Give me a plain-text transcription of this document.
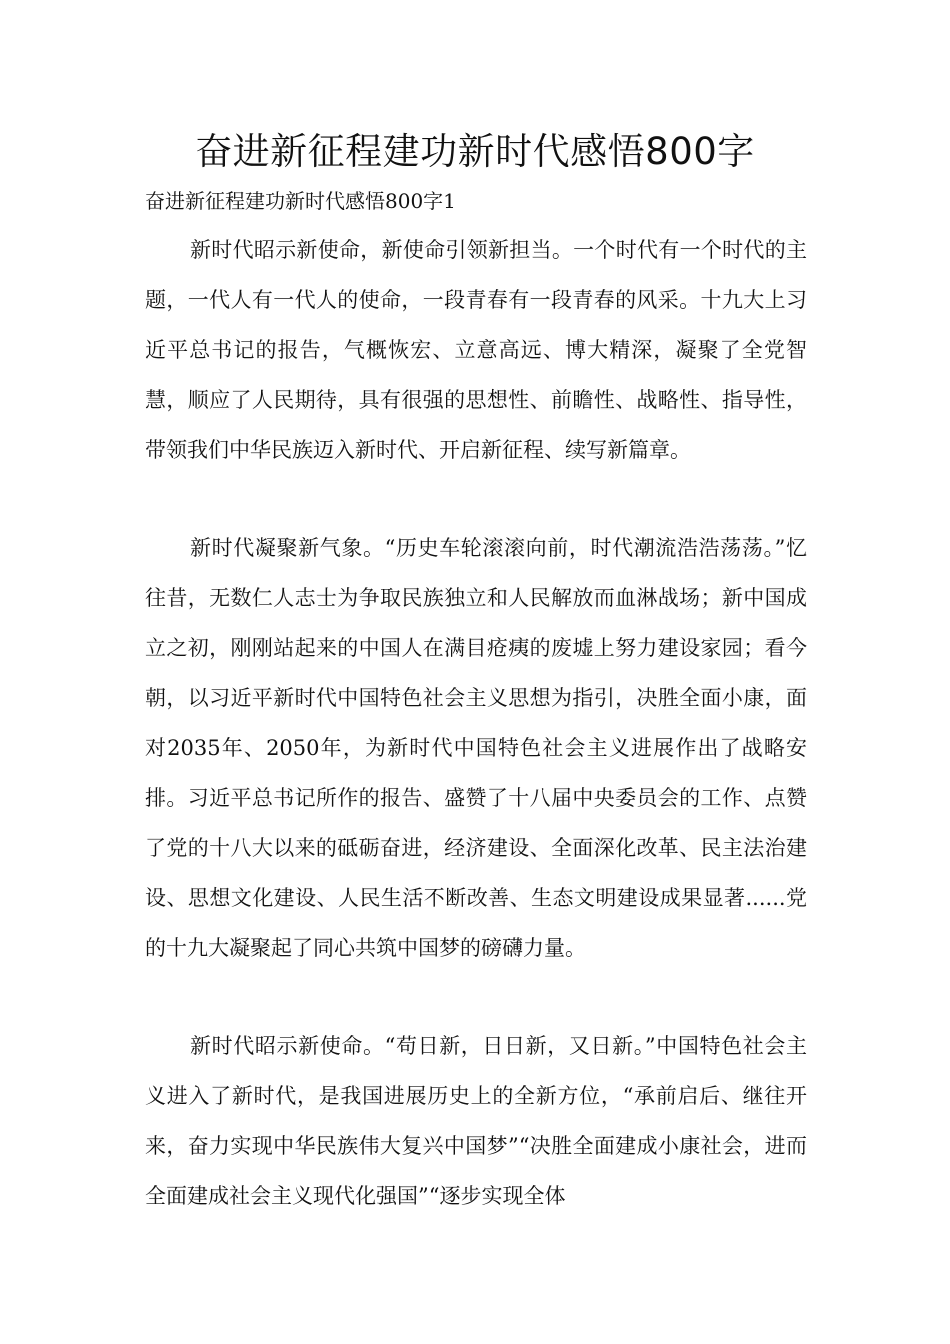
奋进新征程建功新时代感悟800字

奋进新征程建功新时代感悟800字1

新时代昭示新使命，新使命引领新担当。一个时代有一个时代的主题，一代人有一代人的使命，一段青春有一段青春的风采。十九大上习近平总书记的报告，气概恢宏、立意高远、博大精深，凝聚了全党智慧，顺应了人民期待，具有很强的思想性、前瞻性、战略性、指导性，带领我们中华民族迈入新时代、开启新征程、续写新篇章。

新时代凝聚新气象。“历史车轮滚滚向前，时代潮流浩浩荡荡。”忆往昔，无数仁人志士为争取民族独立和人民解放而血淋战场；新中国成立之初，刚刚站起来的中国人在满目疮痍的废墟上努力建设家园；看今朝，以习近平新时代中国特色社会主义思想为指引，决胜全面小康，面对2035年、2050年，为新时代中国特色社会主义进展作出了战略安排。习近平总书记所作的报告、盛赞了十八届中央委员会的工作、点赞了党的十八大以来的砥砺奋进，经济建设、全面深化改革、民主法治建设、思想文化建设、人民生活不断改善、生态文明建设成果显著......党的十九大凝聚起了同心共筑中国梦的磅礴力量。

新时代昭示新使命。“苟日新，日日新，又日新。”中国特色社会主义进入了新时代，是我国进展历史上的全新方位，“承前启后、继往开来，奋力实现中华民族伟大复兴中国梦”“决胜全面建成小康社会，进而全面建成社会主义现代化强国”“逐步实现全体
